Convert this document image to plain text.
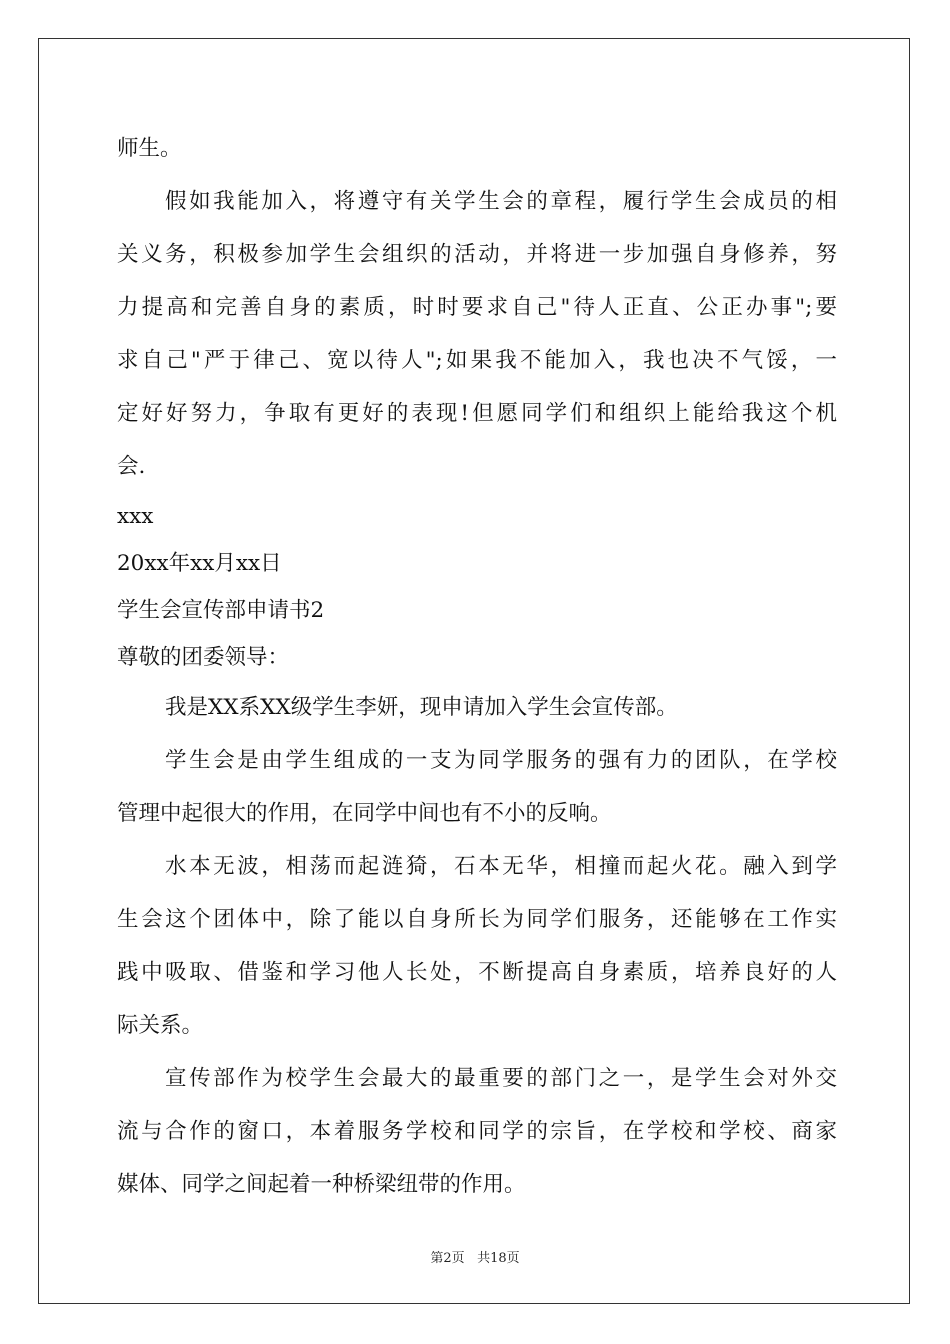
师生。
假如我能加入，将遵守有关学生会的章程，履行学生会成员的相
关义务，积极参加学生会组织的活动，并将进一步加强自身修养，努
力提高和完善自身的素质，时时要求自己"待人正直、公正办事";要
求自己"严于律己、宽以待人";如果我不能加入，我也决不气馁，一
定好好努力，争取有更好的表现!但愿同学们和组织上能给我这个机
会.
xxx
20xx年xx月xx日
学生会宣传部申请书2
尊敬的团委领导：
我是XX系XX级学生李妍，现申请加入学生会宣传部。
学生会是由学生组成的一支为同学服务的强有力的团队，在学校
管理中起很大的作用，在同学中间也有不小的反响。
水本无波，相荡而起涟猗，石本无华，相撞而起火花。融入到学
生会这个团体中，除了能以自身所长为同学们服务，还能够在工作实
践中吸取、借鉴和学习他人长处，不断提高自身素质，培养良好的人
际关系。
宣传部作为校学生会最大的最重要的部门之一，是学生会对外交
流与合作的窗口，本着服务学校和同学的宗旨，在学校和学校、商家
媒体、同学之间起着一种桥梁纽带的作用。
第2页 共18页
